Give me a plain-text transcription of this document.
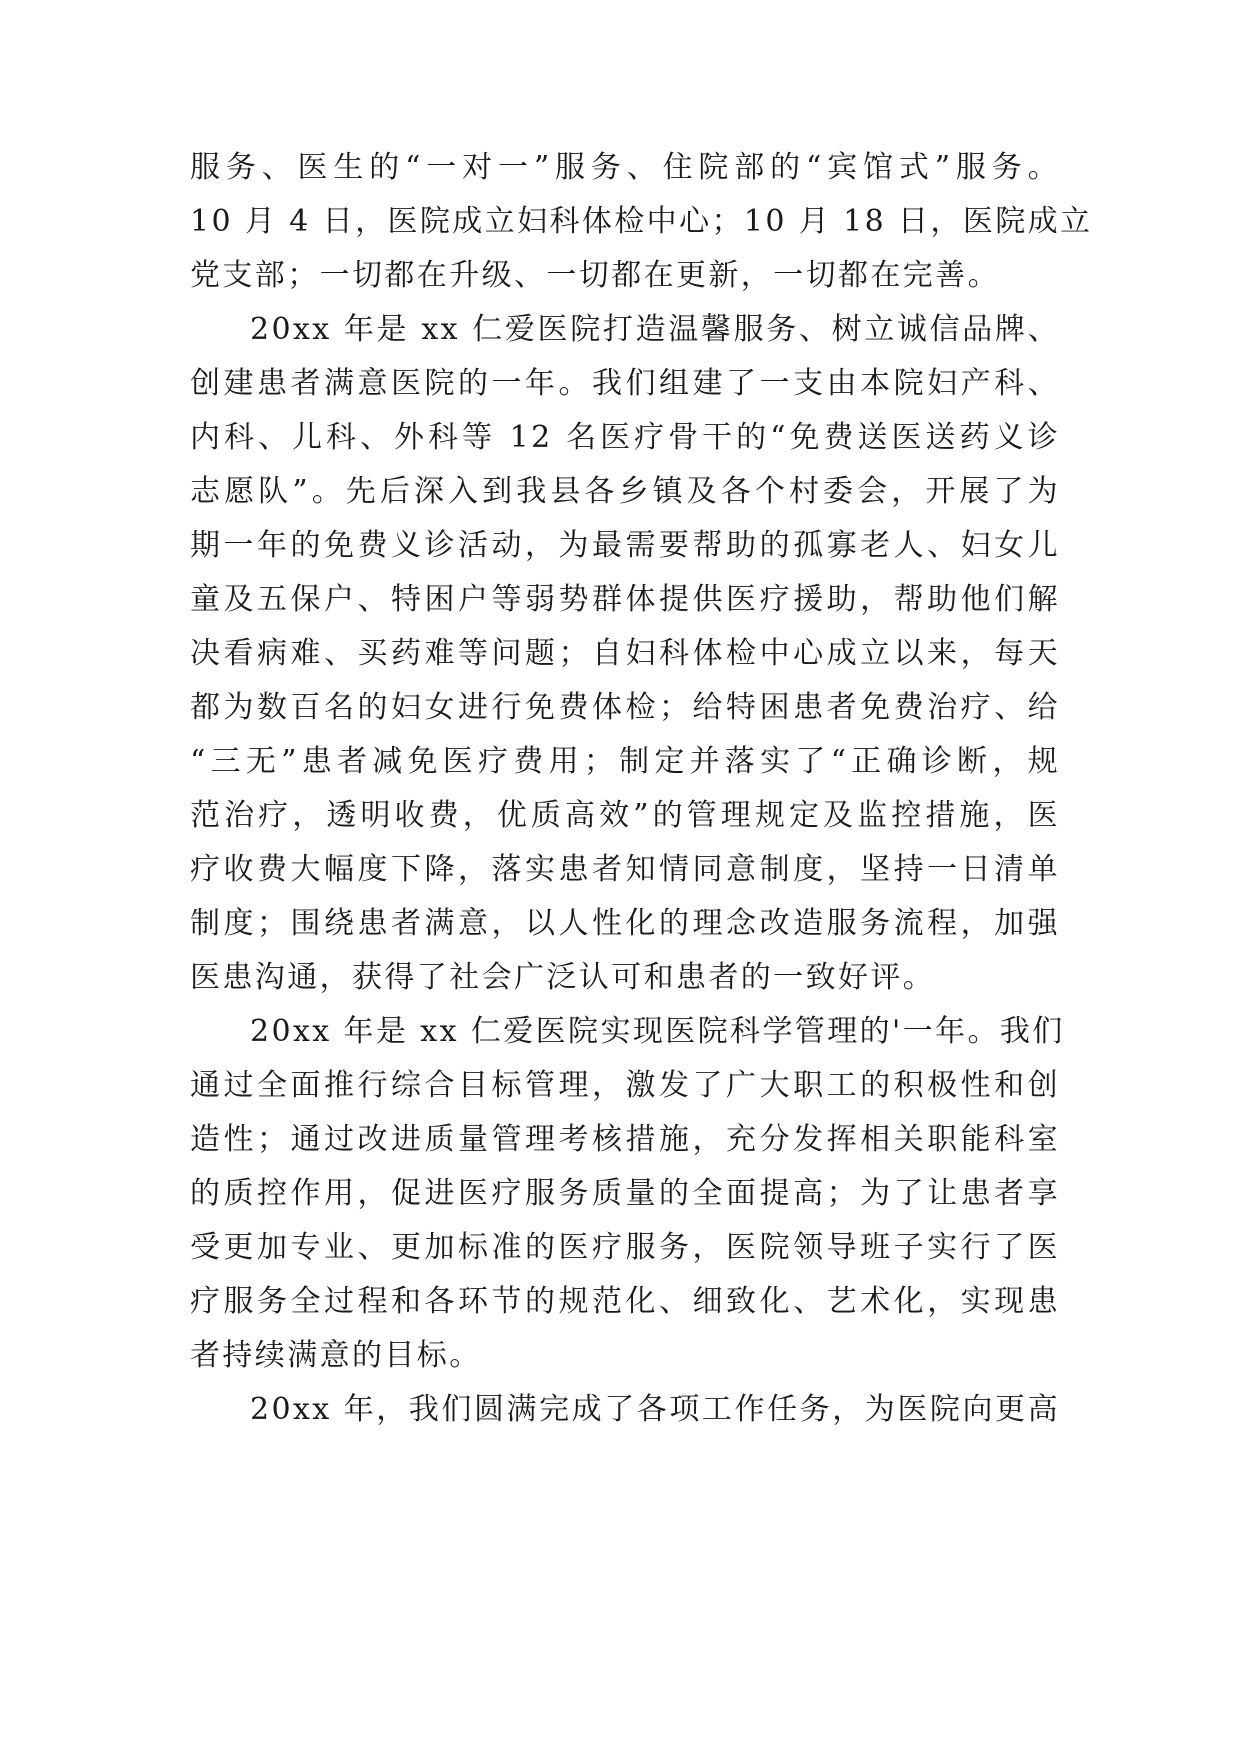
服务、医生的“一对一”服务、住院部的“宾馆式”服务。
10 月 4 日，医院成立妇科体检中心；10 月 18 日，医院成立
党支部；一切都在升级、一切都在更新，一切都在完善。
20xx 年是 xx 仁爱医院打造温馨服务、树立诚信品牌、
创建患者满意医院的一年。我们组建了一支由本院妇产科、
内科、儿科、外科等 12 名医疗骨干的“免费送医送药义诊
志愿队”。先后深入到我县各乡镇及各个村委会，开展了为
期一年的免费义诊活动，为最需要帮助的孤寡老人、妇女儿
童及五保户、特困户等弱势群体提供医疗援助，帮助他们解
决看病难、买药难等问题；自妇科体检中心成立以来，每天
都为数百名的妇女进行免费体检；给特困患者免费治疗、给
“三无”患者减免医疗费用；制定并落实了“正确诊断，规
范治疗，透明收费，优质高效”的管理规定及监控措施，医
疗收费大幅度下降，落实患者知情同意制度，坚持一日清单
制度；围绕患者满意，以人性化的理念改造服务流程，加强
医患沟通，获得了社会广泛认可和患者的一致好评。
20xx 年是 xx 仁爱医院实现医院科学管理的'一年。我们
通过全面推行综合目标管理，激发了广大职工的积极性和创
造性；通过改进质量管理考核措施，充分发挥相关职能科室
的质控作用，促进医疗服务质量的全面提高；为了让患者享
受更加专业、更加标准的医疗服务，医院领导班子实行了医
疗服务全过程和各环节的规范化、细致化、艺术化，实现患
者持续满意的目标。
20xx 年，我们圆满完成了各项工作任务，为医院向更高
